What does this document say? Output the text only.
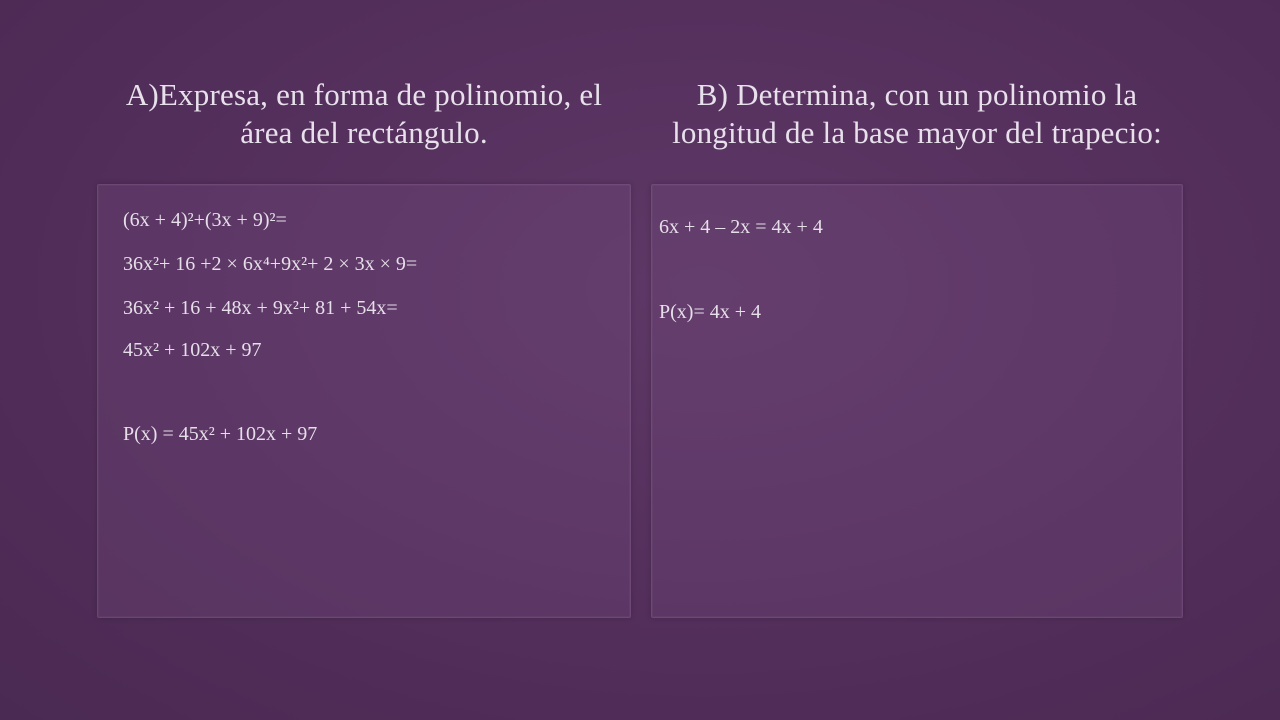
A)Expresa, en forma de polinomio, el área del rectángulo.
B) Determina, con un polinomio la longitud de la base mayor del trapecio:
(6x + 4)²+(3x + 9)²=
36x²+ 16 +2 × 6x⁴+9x²+ 2 × 3x × 9=
36x² + 16 + 48x + 9x²+ 81 + 54x=
45x² + 102x + 97
P(x) = 45x² + 102x + 97
6x + 4 – 2x = 4x + 4
P(x)= 4x + 4
